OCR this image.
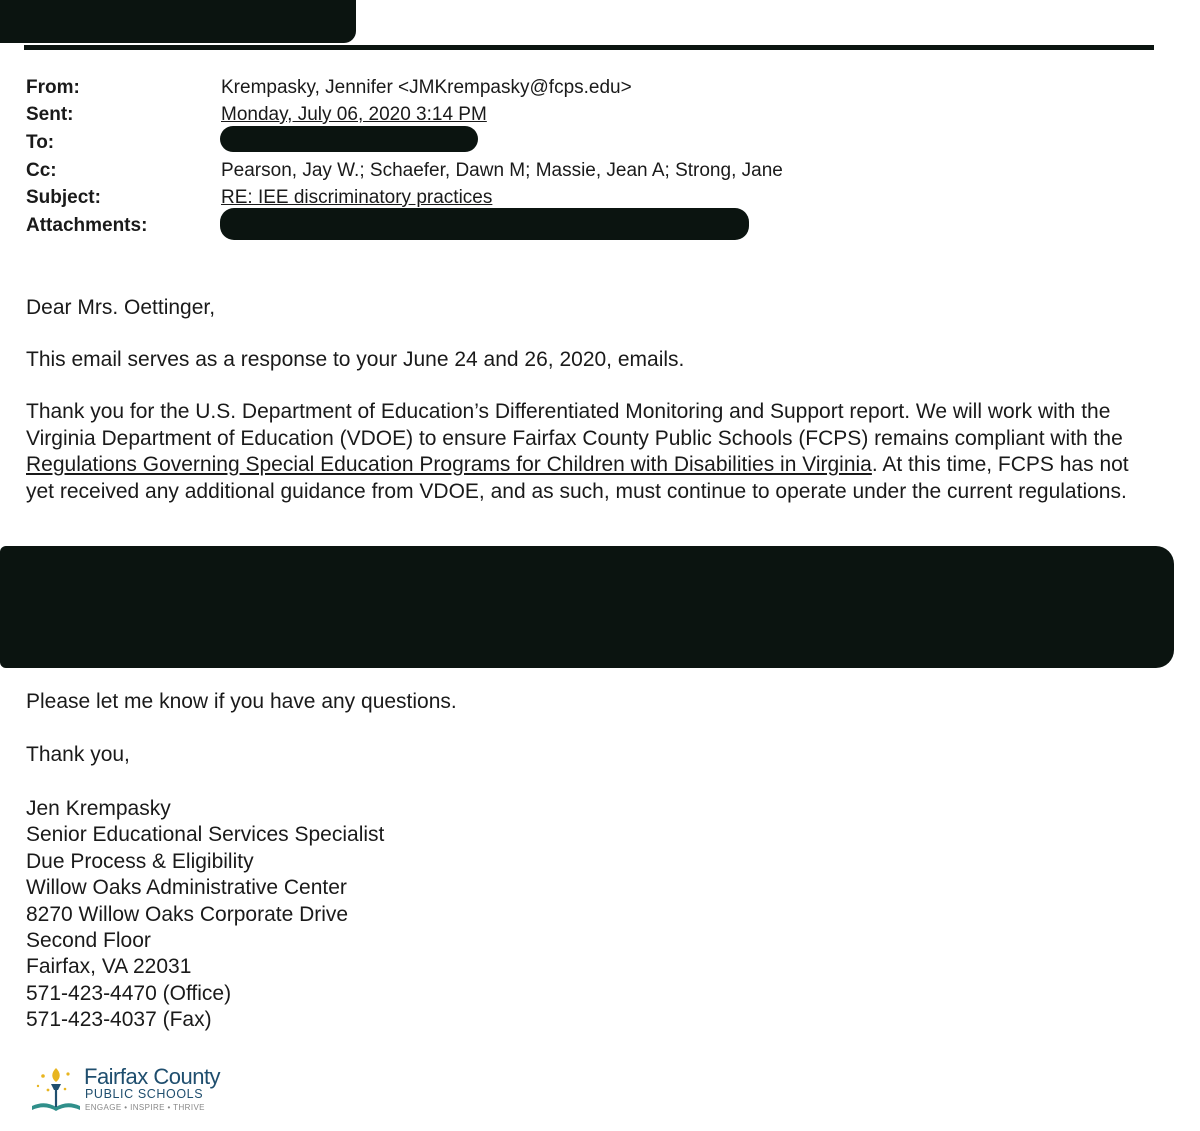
From:	Krempasky, Jennifer <JMKrempasky@fcps.edu>
Sent:	Monday, July 06, 2020 3:14 PM
To:
Cc:	Pearson, Jay W.; Schaefer, Dawn M; Massie, Jean A; Strong, Jane
Subject:	RE: IEE discriminatory practices
Attachments:
Dear Mrs. Oettinger,
This email serves as a response to your June 24 and 26, 2020, emails.
Thank you for the U.S. Department of Education’s Differentiated Monitoring and Support report. We will work with the Virginia Department of Education (VDOE) to ensure Fairfax County Public Schools (FCPS) remains compliant with the Regulations Governing Special Education Programs for Children with Disabilities in Virginia. At this time, FCPS has not yet received any additional guidance from VDOE, and as such, must continue to operate under the current regulations.
Please let me know if you have any questions.
Thank you,
Jen Krempasky
Senior Educational Services Specialist
Due Process & Eligibility
Willow Oaks Administrative Center
8270 Willow Oaks Corporate Drive
Second Floor
Fairfax, VA 22031
571-423-4470 (Office)
571-423-4037 (Fax)
Fairfax County
PUBLIC SCHOOLS
ENGAGE • INSPIRE • THRIVE
